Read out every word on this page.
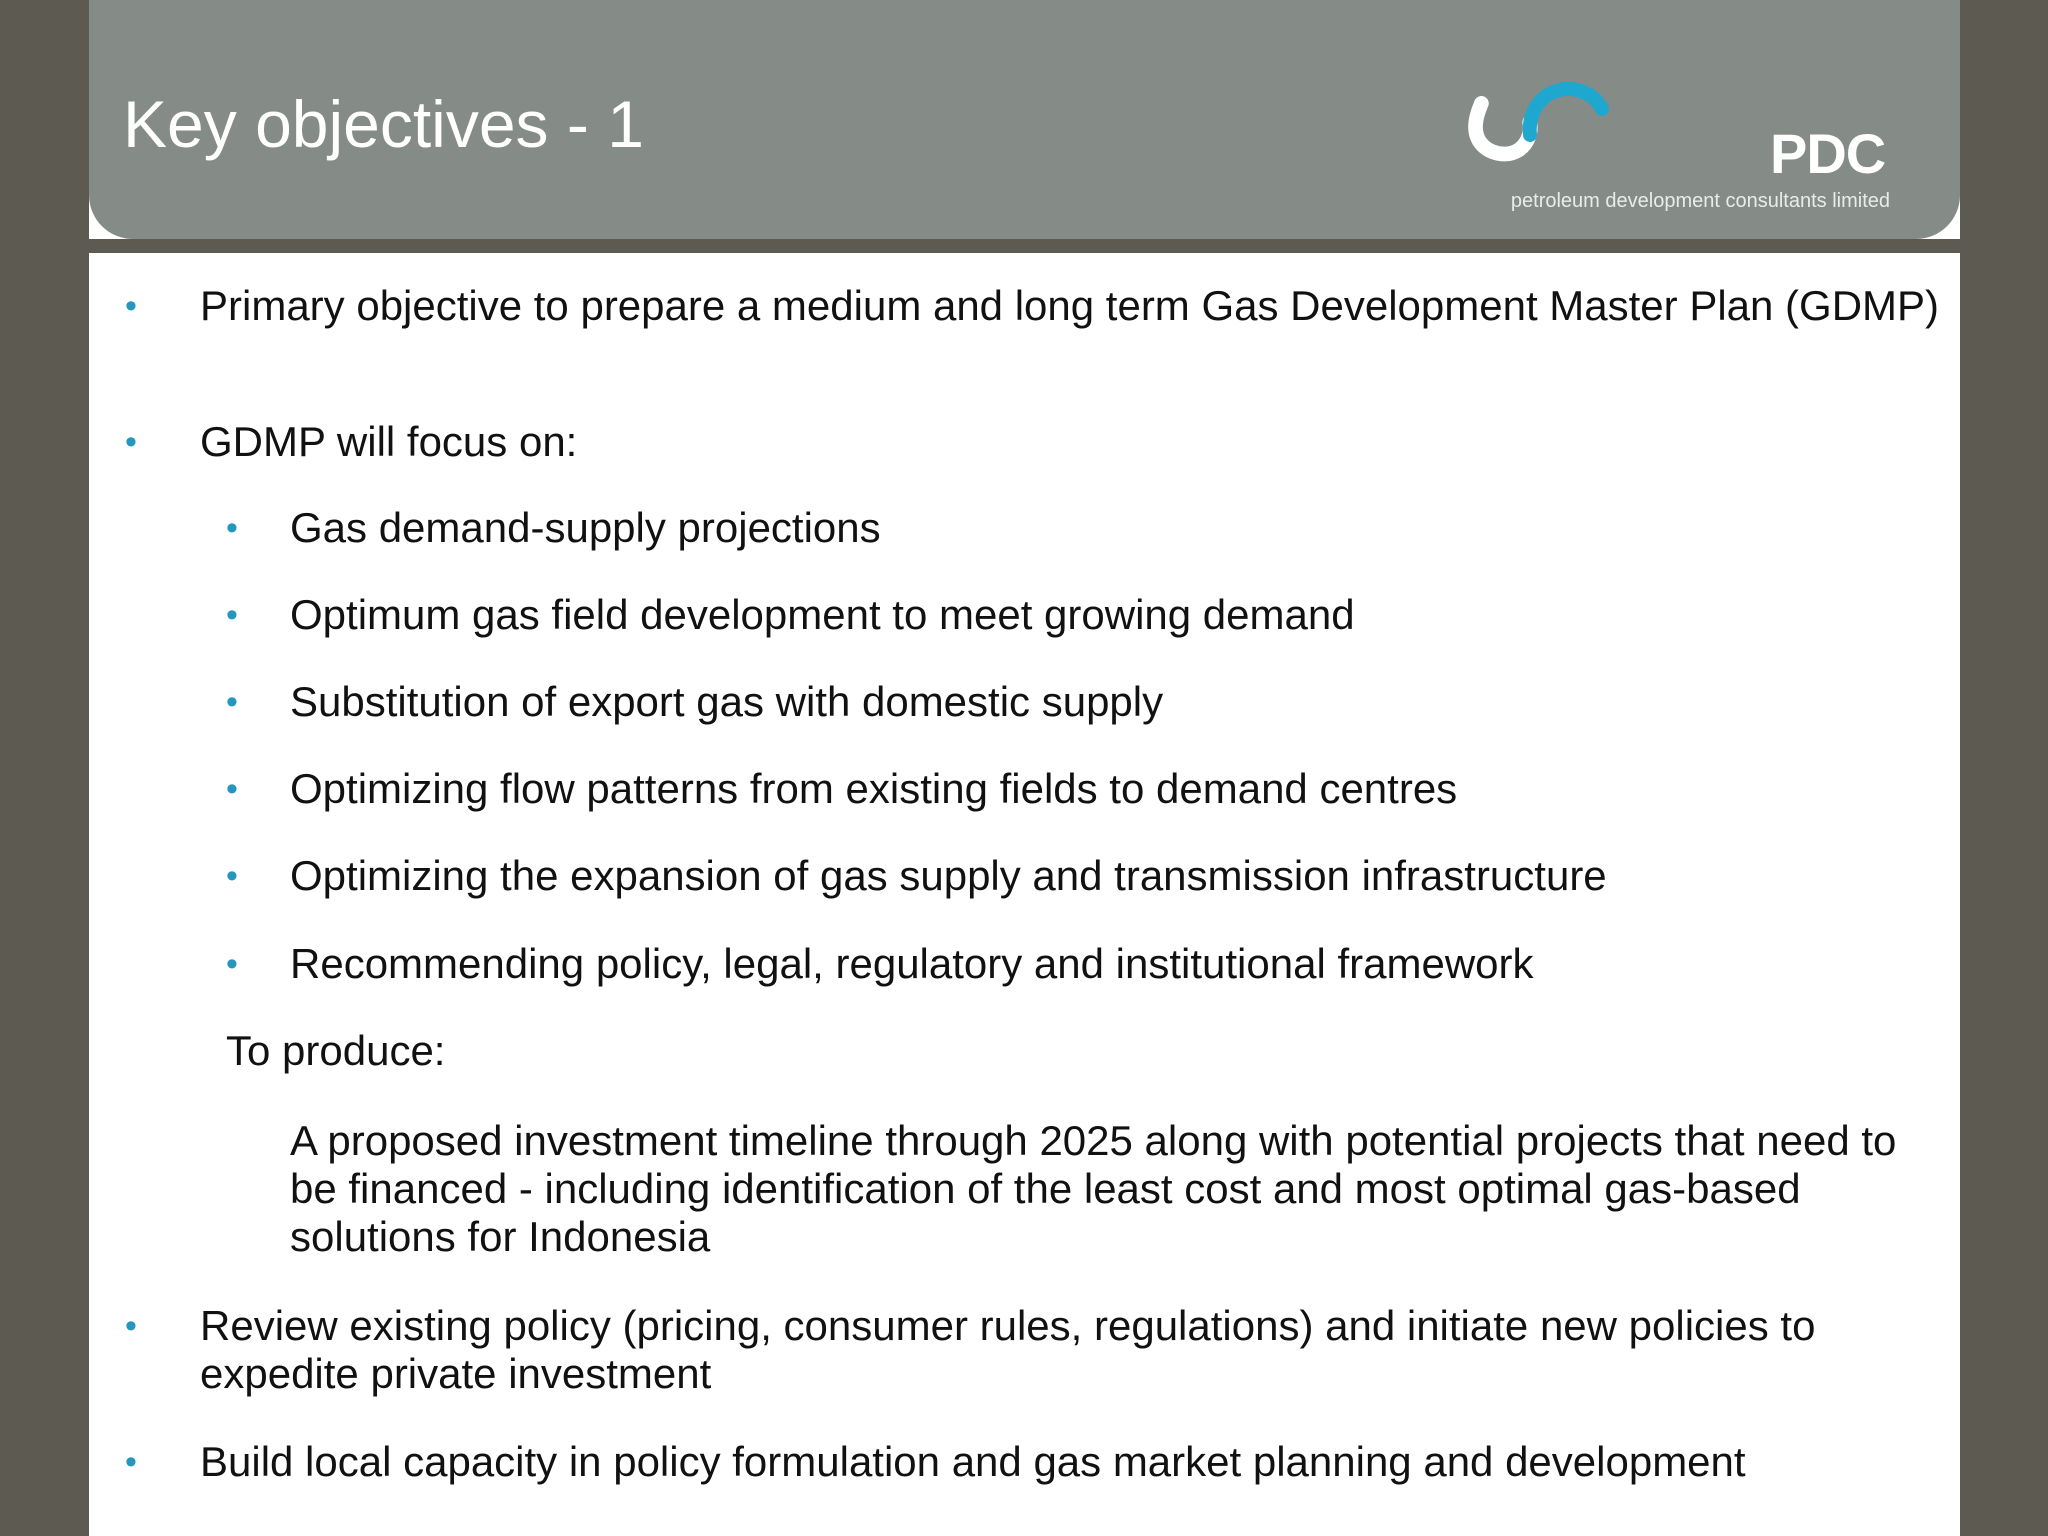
Key objectives - 1	PDC
petroleum development consultants limited
• Primary objective to prepare a medium and long term Gas Development Master Plan (GDMP)
• GDMP will focus on:
• Gas demand-supply projections
• Optimum gas field development to meet growing demand
• Substitution of export gas with domestic supply
• Optimizing flow patterns from existing fields to demand centres
• Optimizing the expansion of gas supply and transmission infrastructure
• Recommending policy, legal, regulatory and institutional framework
To produce:
A proposed investment timeline through 2025 along with potential projects that need to be financed - including identification of the least cost and most optimal gas-based solutions for Indonesia
• Review existing policy (pricing, consumer rules, regulations) and initiate new policies to expedite private investment
• Build local capacity in policy formulation and gas market planning and development
